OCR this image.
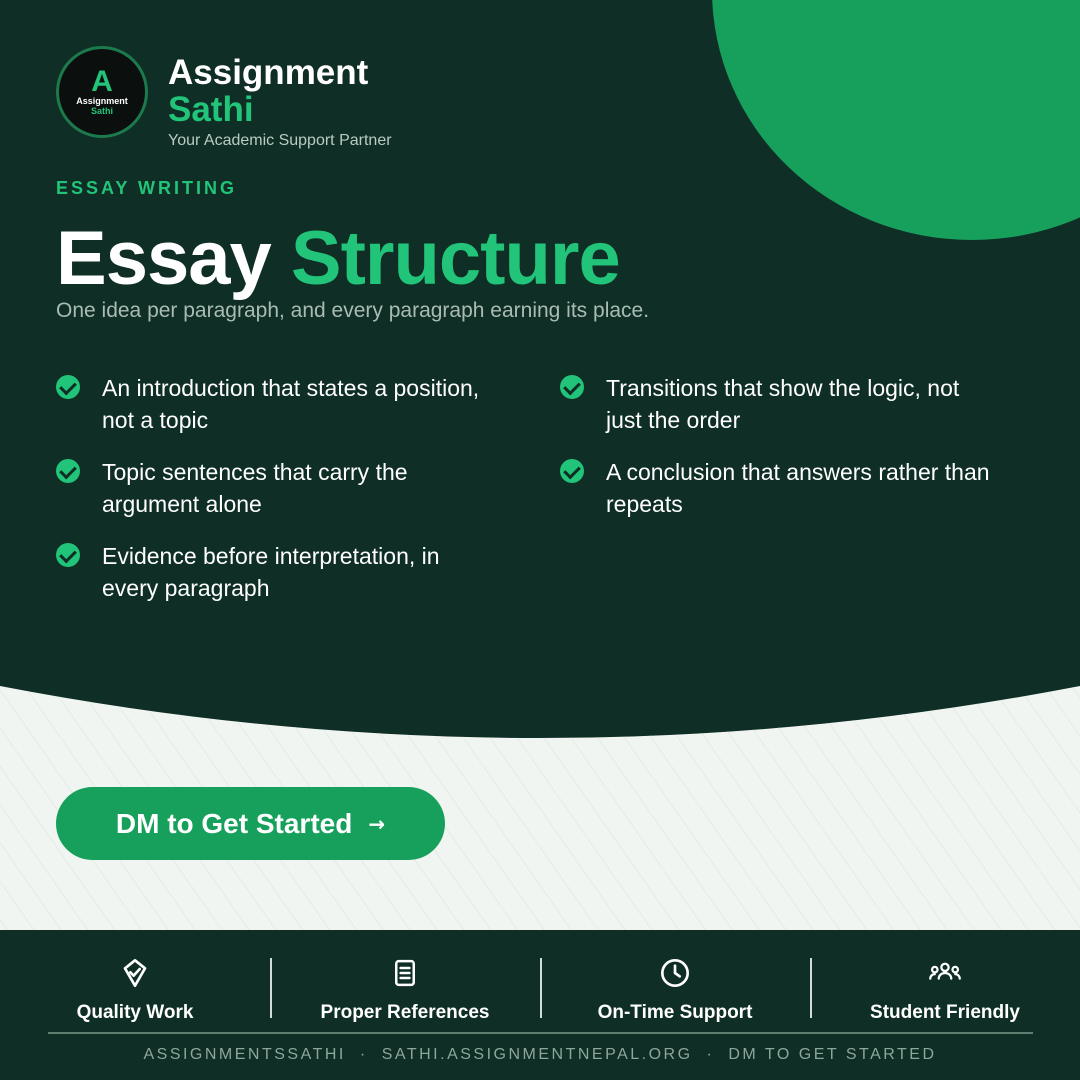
A
Assignment
Sathi
Assignment
Sathi
Your Academic Support Partner
ESSAY WRITING
Essay Structure
One idea per paragraph, and every paragraph earning its place.
An introduction that states a position, not a topic
Topic sentences that carry the argument alone
Evidence before interpretation, in every paragraph
Transitions that show the logic, not just the order
A conclusion that answers rather than repeats
DM to Get Started →
Quality Work	Proper References	On-Time Support	Student Friendly
ASSIGNMENTSSATHI · SATHI.ASSIGNMENTNEPAL.ORG · DM TO GET STARTED
